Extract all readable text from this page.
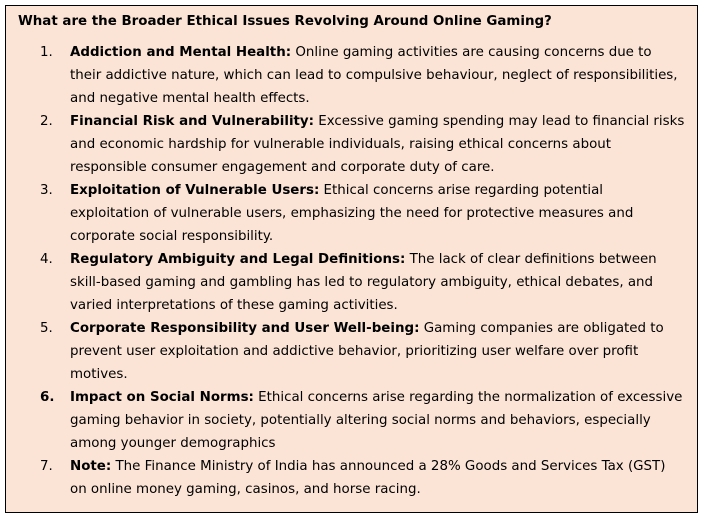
What are the Broader Ethical Issues Revolving Around Online Gaming?
1.	Addiction and Mental Health: Online gaming activities are causing concerns due to their addictive nature, which can lead to compulsive behaviour, neglect of responsibilities, and negative mental health effects.
2.	Financial Risk and Vulnerability: Excessive gaming spending may lead to financial risks and economic hardship for vulnerable individuals, raising ethical concerns about responsible consumer engagement and corporate duty of care.
3.	Exploitation of Vulnerable Users: Ethical concerns arise regarding potential exploitation of vulnerable users, emphasizing the need for protective measures and corporate social responsibility.
4.	Regulatory Ambiguity and Legal Definitions: The lack of clear definitions between skill-based gaming and gambling has led to regulatory ambiguity, ethical debates, and varied interpretations of these gaming activities.
5.	Corporate Responsibility and User Well-being: Gaming companies are obligated to prevent user exploitation and addictive behavior, prioritizing user welfare over profit motives.
6.	Impact on Social Norms: Ethical concerns arise regarding the normalization of excessive gaming behavior in society, potentially altering social norms and behaviors, especially among younger demographics
7.	Note: The Finance Ministry of India has announced a 28% Goods and Services Tax (GST) on online money gaming, casinos, and horse racing.
